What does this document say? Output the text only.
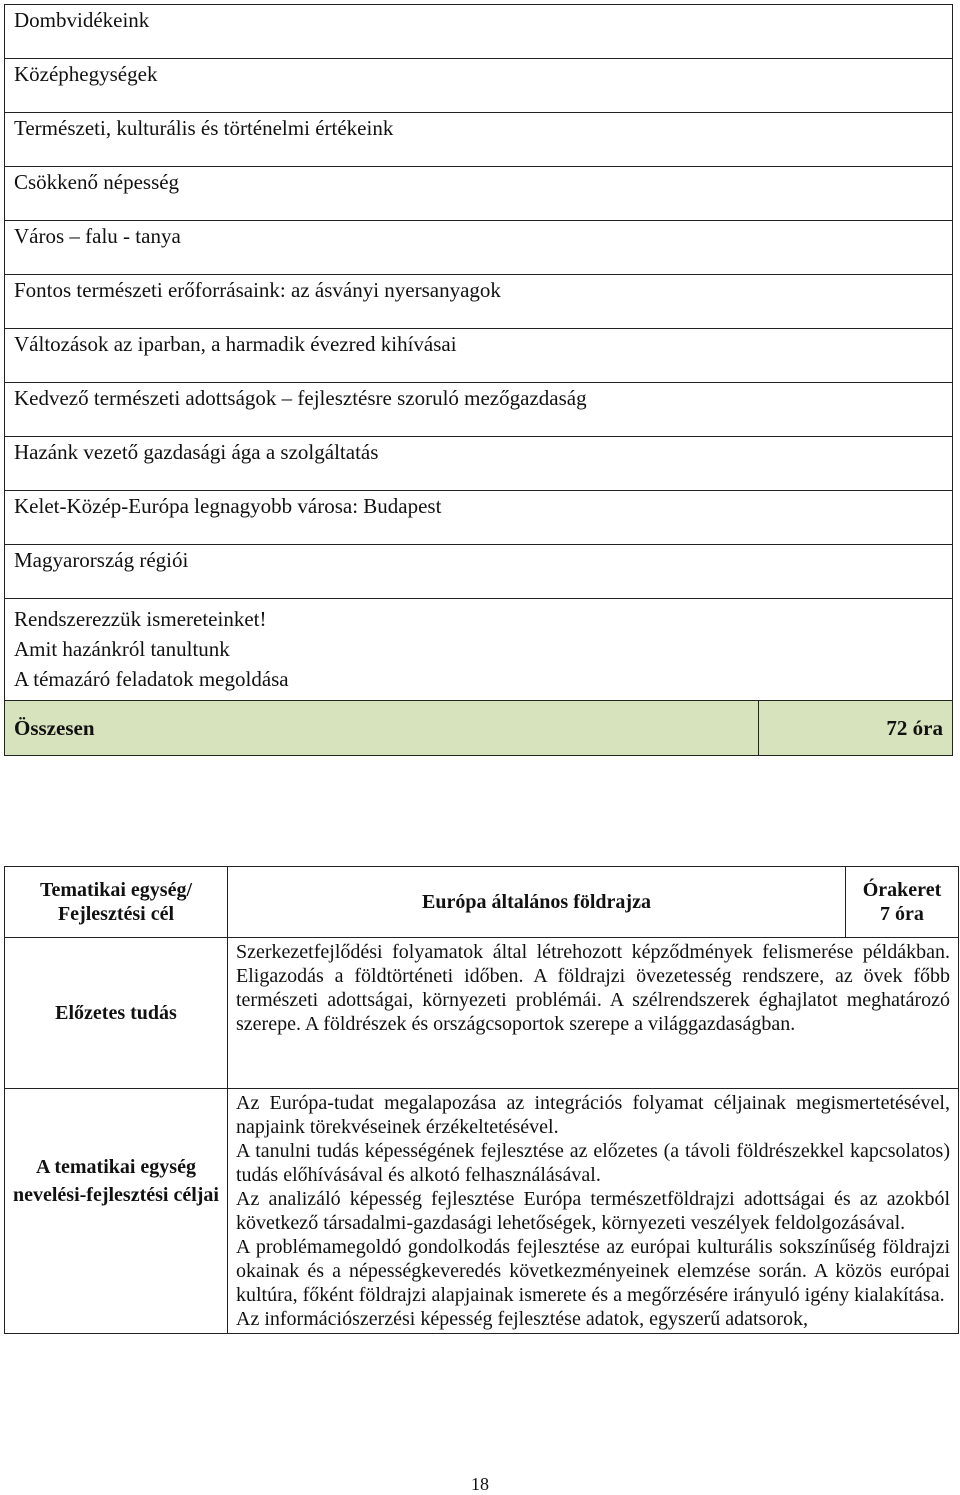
Dombvidékeink
Középhegységek
Természeti, kulturális és történelmi értékeink
Csökkenő népesség
Város – falu - tanya
Fontos természeti erőforrásaink: az ásványi nyersanyagok
Változások az iparban, a harmadik évezred kihívásai
Kedvező természeti adottságok – fejlesztésre szoruló mezőgazdaság
Hazánk vezető gazdasági ága a szolgáltatás
Kelet-Közép-Európa legnagyobb városa: Budapest
Magyarország régiói

Rendszerezzük ismereteinket!
Amit hazánkról tanultunk
A témazáró feladatok megoldása

Összesen	72 óra
Tematikai egység/ Fejlesztési cél	Európa általános földrajza	Órakeret
7 óra

Előzetes tudás	Szerkezetfejlődési folyamatok által létrehozott képződmények felismerése példákban. Eligazodás a földtörténeti időben. A földrajzi övezetesség rendszere, az övek főbb természeti adottságai, környezeti problémái. A szélrendszerek éghajlatot meghatározó szerepe. A földrészek és országcsoportok szerepe a világgazdaságban.	
A tematikai egység nevelési-fejlesztési céljai	Az Európa-tudat megalapozása az integrációs folyamat céljainak megismertetésével, napjaink törekvéseinek érzékeltetésével.
A tanulni tudás képességének fejlesztése az előzetes (a távoli földrészekkel kapcsolatos) tudás előhívásával és alkotó felhasználásával.
Az analizáló képesség fejlesztése Európa természetföldrajzi adottságai és az azokból következő társadalmi-gazdasági lehetőségek, környezeti veszélyek feldolgozásával.
A problémamegoldó gondolkodás fejlesztése az európai kulturális sokszínűség földrajzi okainak és a népességkeveredés következményeinek elemzése során. A közös európai kultúra, főként földrajzi alapjainak ismerete és a megőrzésére irányuló igény kialakítása.
Az információszerzési képesség fejlesztése adatok, egyszerű adatsorok,	
18
